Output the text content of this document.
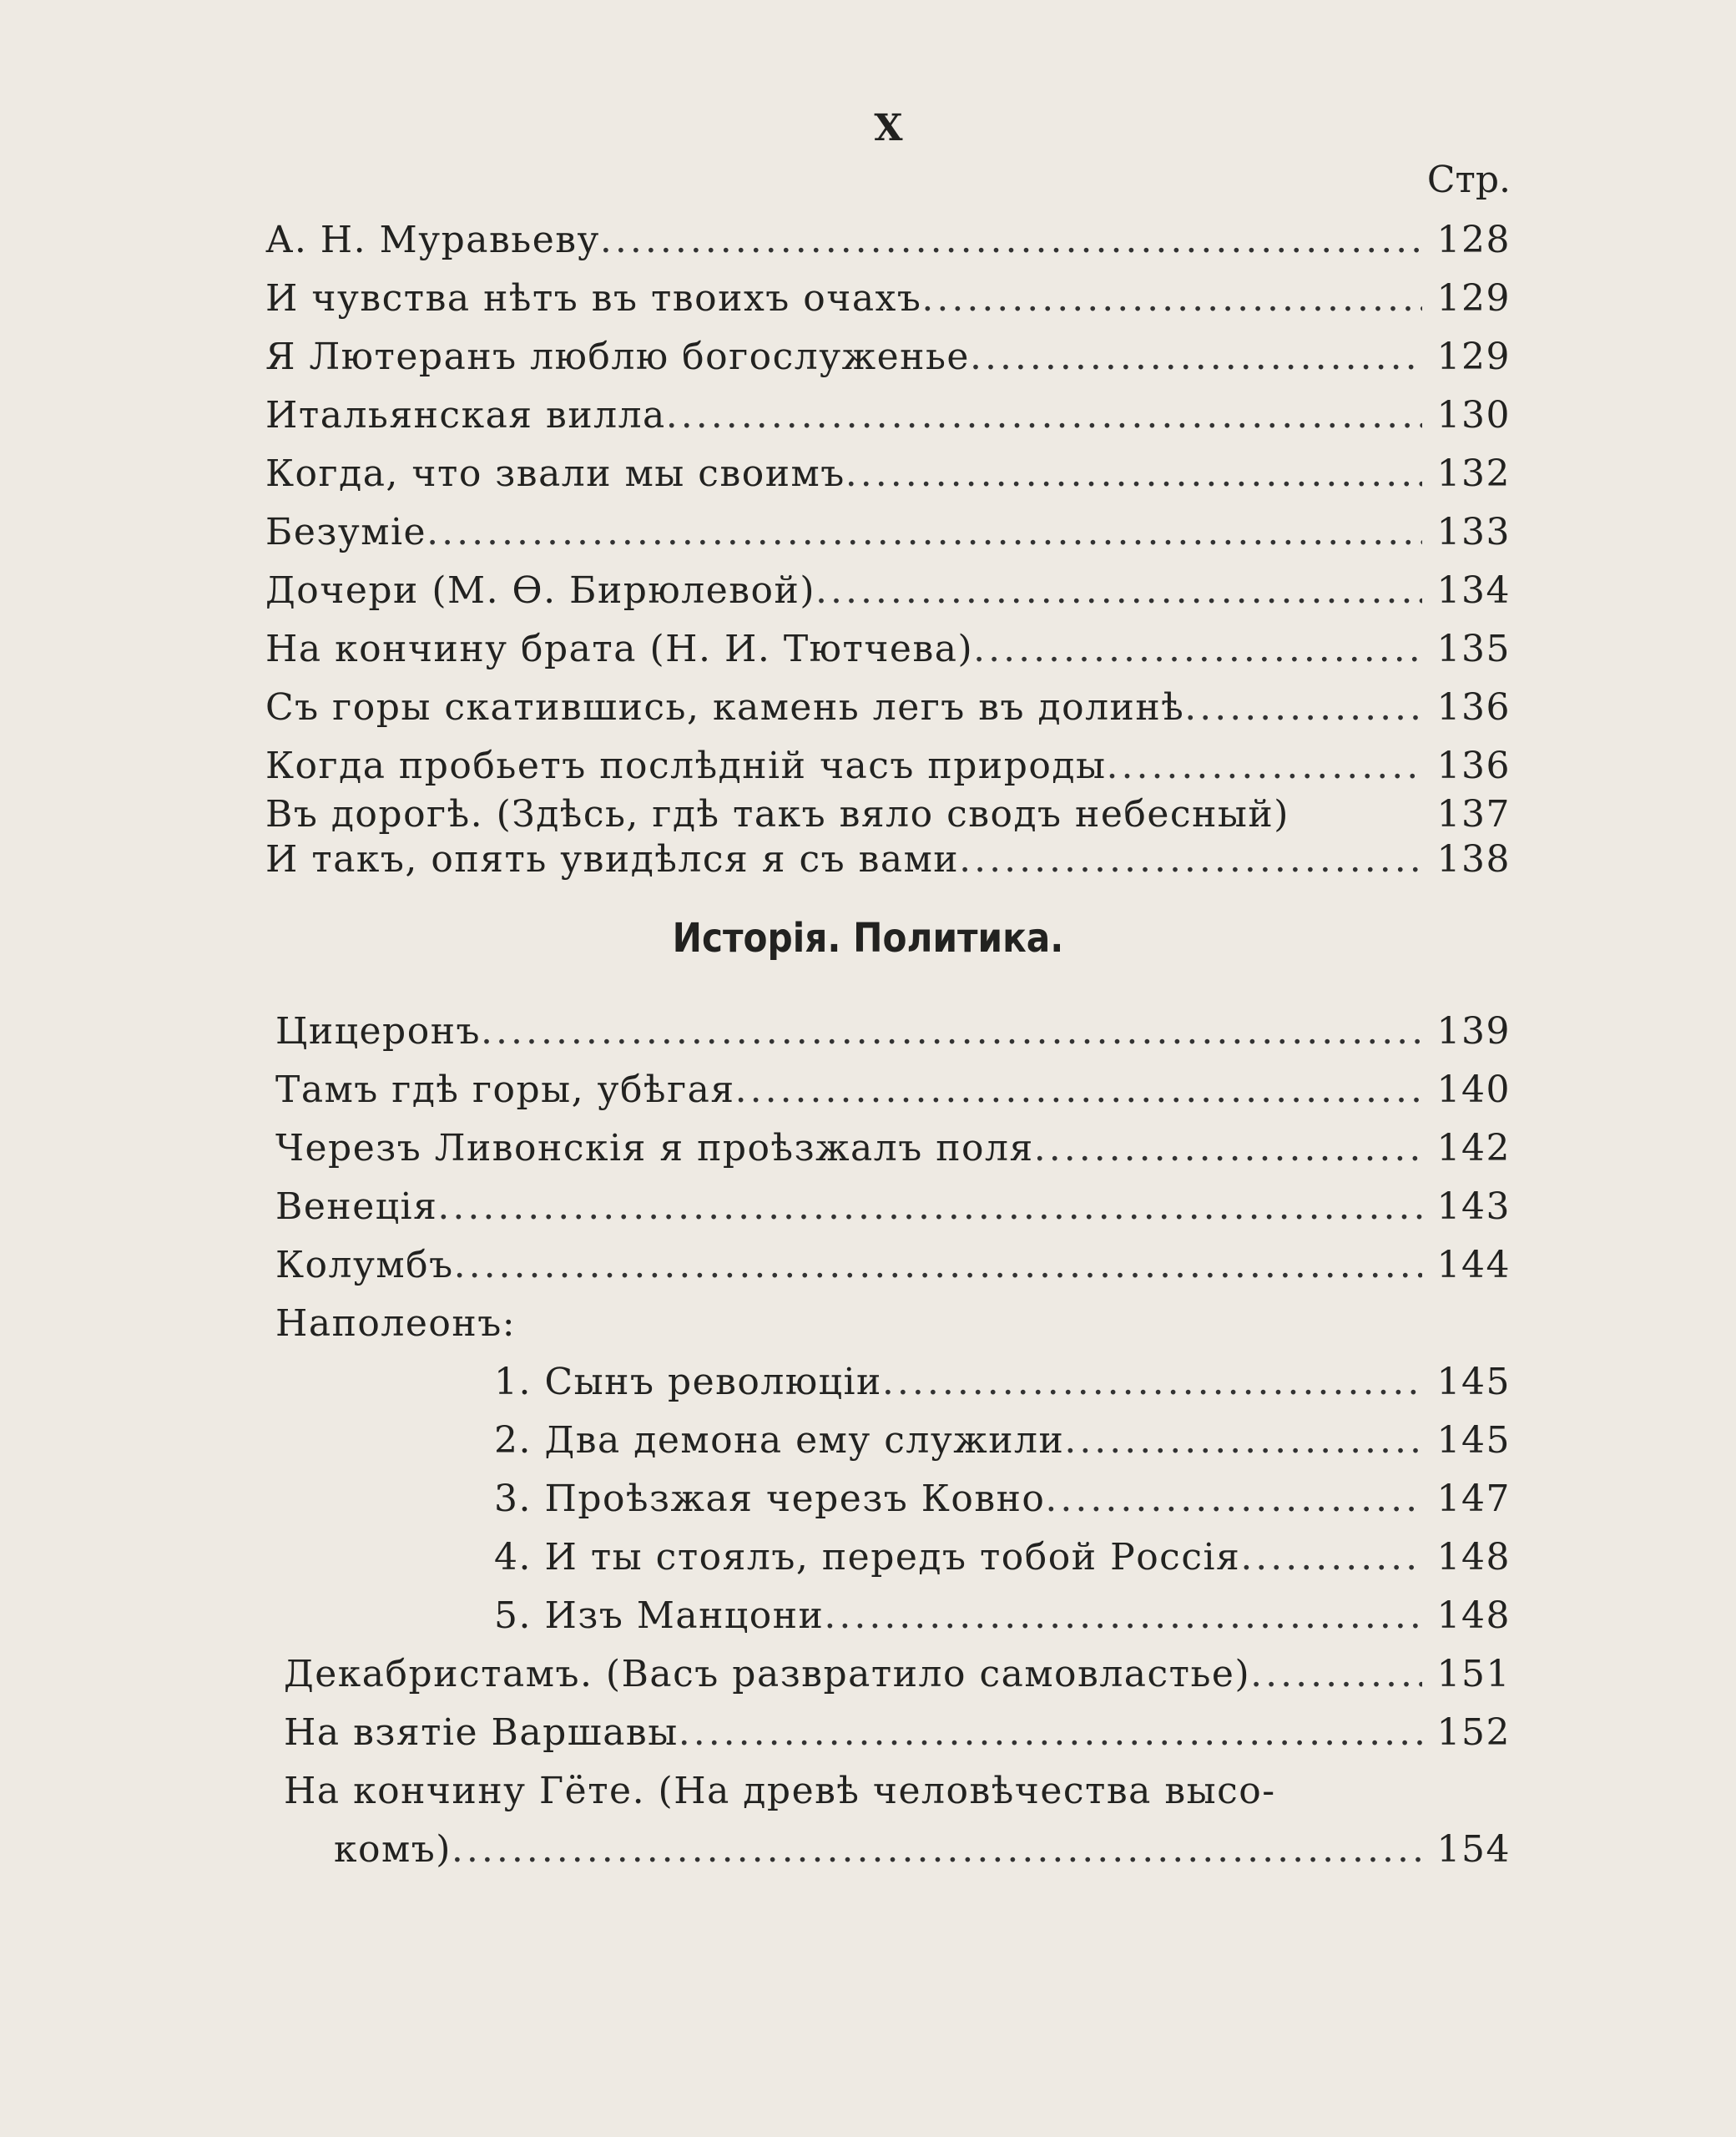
X
Стр.
А. Н. Муравьеву .....	128
И чувства нѣтъ въ твоихъ очахъ .....	129
Я Лютеранъ люблю богослуженье .....	129
Итальянская вилла .....	130
Когда, что звали мы своимъ .....	132
Безуміе .....	133
Дочери (М. Ѳ. Бирюлевой) .....	134
На кончину брата (Н. И. Тютчева) .....	135
Съ горы скатившись, камень легъ въ долинѣ .....	136
Когда пробьетъ послѣднiй часъ природы .....	136
Въ дорогѣ. (Здѣсь, гдѣ такъ вяло сводъ небесный)	137
И такъ, опять увидѣлся я съ вами .....	138
Исторія. Политика.
Цицеронъ .....	139
Тамъ гдѣ горы, убѣгая .....	140
Черезъ Ливонскія я проѣзжалъ поля .....	142
Венеція .....	143
Колумбъ .....	144
Наполеонъ:
1. Сынъ революціи .....	145
2. Два демона ему служили .....	145
3. Проѣзжая черезъ Ковно .....	147
4. И ты стоялъ, передъ тобой Россія .....	148
5. Изъ Манцони .....	148
Декабристамъ. (Васъ развратило самовластье) .....	151
На взятіе Варшавы .....	152
На кончину Гёте. (На древѣ человѣчества высо-
комъ) .....	154
